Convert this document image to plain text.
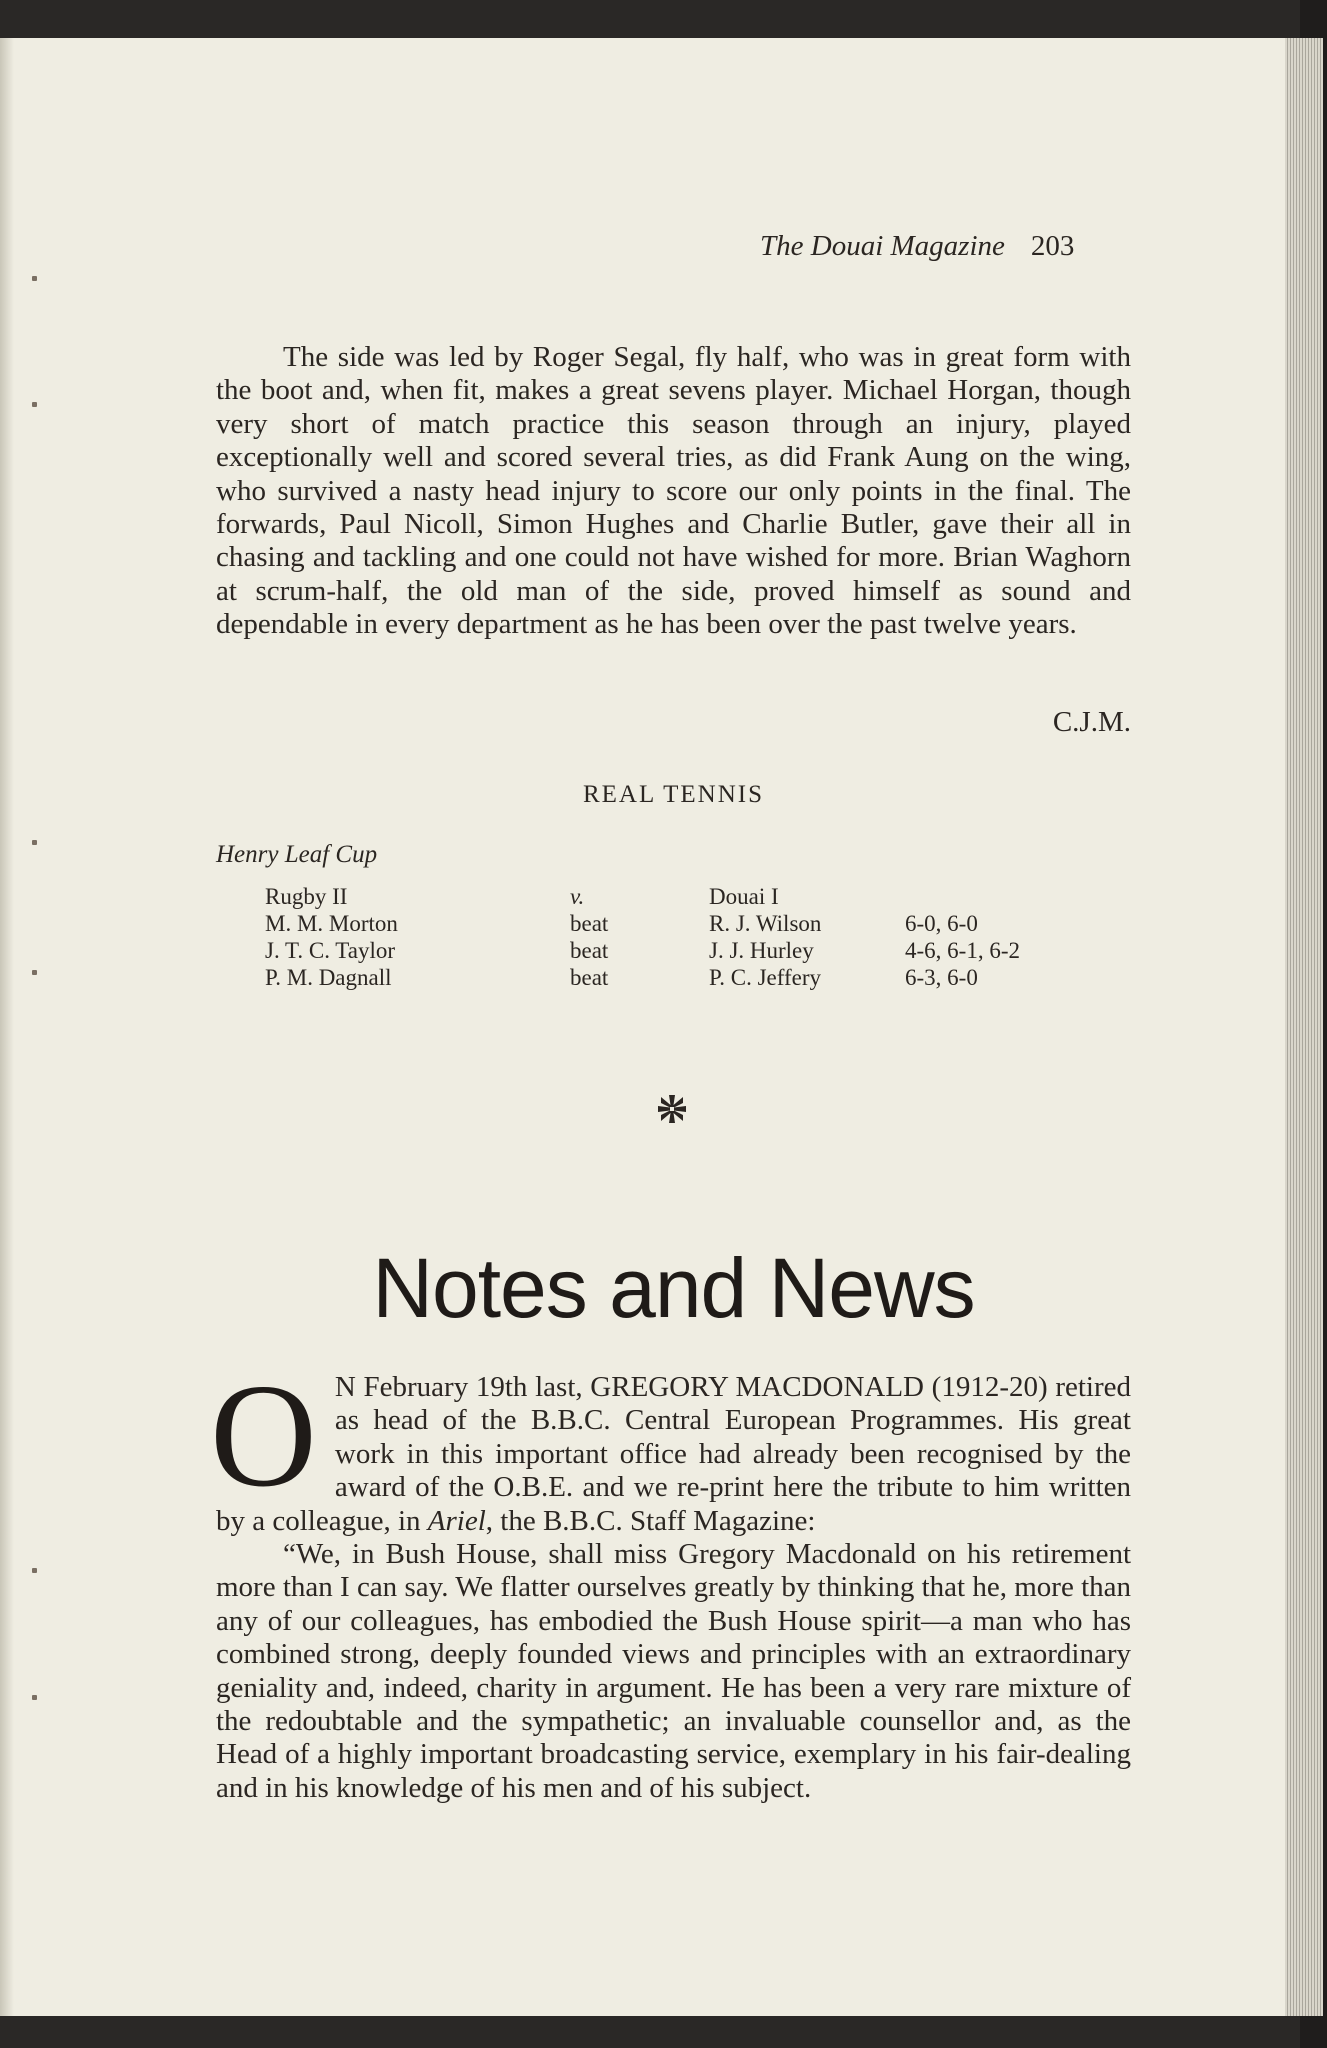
The Douai Magazine 203
The side was led by Roger Segal, fly half, who was in great form with the boot and, when fit, makes a great sevens player. Michael Horgan, though very short of match practice this season through an injury, played exceptionally well and scored several tries, as did Frank Aung on the wing, who survived a nasty head injury to score our only points in the final. The forwards, Paul Nicoll, Simon Hughes and Charlie Butler, gave their all in chasing and tackling and one could not have wished for more. Brian Waghorn at scrum-half, the old man of the side, proved himself as sound and dependable in every department as he has been over the past twelve years.
C.J.M.
REAL TENNIS
Henry Leaf Cup
Rugby II	v.	Douai I
M. M. Morton	beat	R. J. Wilson	6-0, 6-0
J. T. C. Taylor	beat	J. J. Hurley	4-6, 6-1, 6-2
P. M. Dagnall	beat	P. C. Jeffery	6-3, 6-0
Notes and News
O N February 19th last, GREGORY MACDONALD (1912-20) retired as head of the B.B.C. Central European Programmes. His great work in this important office had already been recognised by the award of the O.B.E. and we re-print here the tribute to him written by a colleague, in Ariel, the B.B.C. Staff Magazine:

“We, in Bush House, shall miss Gregory Macdonald on his retirement more than I can say. We flatter ourselves greatly by thinking that he, more than any of our colleagues, has embodied the Bush House spirit—a man who has combined strong, deeply founded views and principles with an extraordinary geniality and, indeed, charity in argument. He has been a very rare mixture of the redoubtable and the sympathetic; an invaluable counsellor and, as the Head of a highly important broadcasting service, exemplary in his fair-dealing and in his knowledge of his men and of his subject.
